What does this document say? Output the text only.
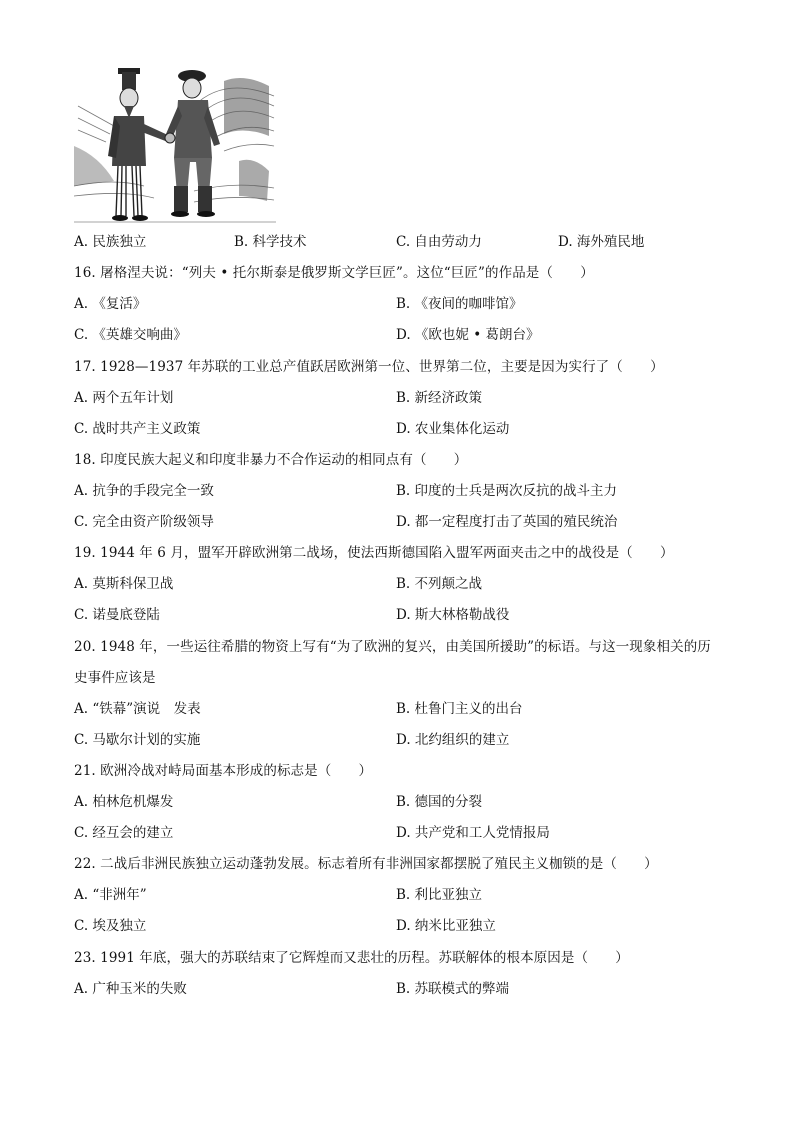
A. 民族独立	B. 科学技术	C. 自由劳动力	D. 海外殖民地
16. 屠格涅夫说：“列夫 • 托尔斯泰是俄罗斯文学巨匠”。这位“巨匠”的作品是（　　）
A. 《复活》	B. 《夜间的咖啡馆》
C. 《英雄交响曲》	D. 《欧也妮 • 葛朗台》
17. 1928—1937 年苏联的工业总产值跃居欧洲第一位、世界第二位，主要是因为实行了（　　）
A. 两个五年计划	B. 新经济政策
C. 战时共产主义政策	D. 农业集体化运动
18. 印度民族大起义和印度非暴力不合作运动的相同点有（　　）
A. 抗争的手段完全一致	B. 印度的士兵是两次反抗的战斗主力
C. 完全由资产阶级领导	D. 都一定程度打击了英国的殖民统治
19. 1944 年 6 月，盟军开辟欧洲第二战场，使法西斯德国陷入盟军两面夹击之中的战役是（　　）
A. 莫斯科保卫战	B. 不列颠之战
C. 诺曼底登陆	D. 斯大林格勒战役
20. 1948 年，一些运往希腊的物资上写有“为了欧洲的复兴，由美国所援助”的标语。与这一现象相关的历
史事件应该是
A. “铁幕”演说　发表	B. 杜鲁门主义的出台
C. 马歇尔计划的实施	D. 北约组织的建立
21. 欧洲冷战对峙局面基本形成的标志是（　　）
A. 柏林危机爆发	B. 德国的分裂
C. 经互会的建立	D. 共产党和工人党情报局
22. 二战后非洲民族独立运动蓬勃发展。标志着所有非洲国家都摆脱了殖民主义枷锁的是（　　）
A. “非洲年”	B. 利比亚独立
C. 埃及独立	D. 纳米比亚独立
23. 1991 年底，强大的苏联结束了它辉煌而又悲壮的历程。苏联解体的根本原因是（　　）
A. 广种玉米的失败	B. 苏联模式的弊端
